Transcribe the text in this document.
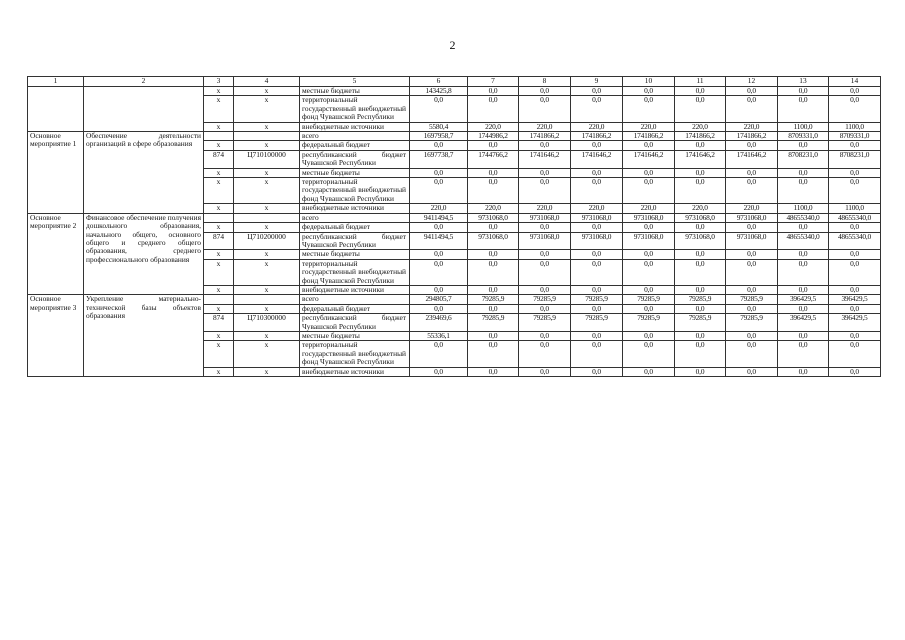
2
1	2	3	4	5	6	7	8	9	10	11	12	13	14
		x	x	местные бюджеты	143425,8	0,0	0,0	0,0	0,0	0,0	0,0	0,0	0,0
		x	x	территориальный государственный внебюджетный фонд Чувашской Республики	0,0	0,0	0,0	0,0	0,0	0,0	0,0	0,0	0,0
		x	x	внебюджетные источники	5580,4	220,0	220,0	220,0	220,0	220,0	220,0	1100,0	1100,0
Основное мероприятие 1	Обеспечение деятельности организаций в сфере образования			всего	1697958,7	1744986,2	1741866,2	1741866,2	1741866,2	1741866,2	1741866,2	8709331,0	8709331,0
		x	x	федеральный бюджет	0,0	0,0	0,0	0,0	0,0	0,0	0,0	0,0	0,0
		874	Ц710100000	республиканский бюджет Чувашской Республики	1697738,7	1744766,2	1741646,2	1741646,2	1741646,2	1741646,2	1741646,2	8708231,0	8708231,0
		x	x	местные бюджеты	0,0	0,0	0,0	0,0	0,0	0,0	0,0	0,0	0,0
		x	x	территориальный государственный внебюджетный фонд Чувашской Республики	0,0	0,0	0,0	0,0	0,0	0,0	0,0	0,0	0,0
		x	x	внебюджетные источники	220,0	220,0	220,0	220,0	220,0	220,0	220,0	1100,0	1100,0
Основное мероприятие 2	Финансовое обеспечение получения дошкольного образования, начального общего, основного общего и среднего общего образования, среднего профессионального образования			всего	9411494,5	9731068,0	9731068,0	9731068,0	9731068,0	9731068,0	9731068,0	48655340,0	48655340,0
		x	x	федеральный бюджет	0,0	0,0	0,0	0,0	0,0	0,0	0,0	0,0	0,0
		874	Ц710200000	республиканский бюджет Чувашской Республики	9411494,5	9731068,0	9731068,0	9731068,0	9731068,0	9731068,0	9731068,0	48655340,0	48655340,0
		x	x	местные бюджеты	0,0	0,0	0,0	0,0	0,0	0,0	0,0	0,0	0,0
		x	x	территориальный государственный внебюджетный фонд Чувашской Республики	0,0	0,0	0,0	0,0	0,0	0,0	0,0	0,0	0,0
		x	x	внебюджетные источники	0,0	0,0	0,0	0,0	0,0	0,0	0,0	0,0	0,0
Основное мероприятие 3	Укрепление материально-технической базы объектов образования			всего	294805,7	79285,9	79285,9	79285,9	79285,9	79285,9	79285,9	396429,5	396429,5
		x	x	федеральный бюджет	0,0	0,0	0,0	0,0	0,0	0,0	0,0	0,0	0,0
		874	Ц710300000	республиканский бюджет Чувашской Республики	239469,6	79285,9	79285,9	79285,9	79285,9	79285,9	79285,9	396429,5	396429,5
		x	x	местные бюджеты	55336,1	0,0	0,0	0,0	0,0	0,0	0,0	0,0	0,0
		x	x	территориальный государственный внебюджетный фонд Чувашской Республики	0,0	0,0	0,0	0,0	0,0	0,0	0,0	0,0	0,0
		x	x	внебюджетные источники	0,0	0,0	0,0	0,0	0,0	0,0	0,0	0,0	0,0
